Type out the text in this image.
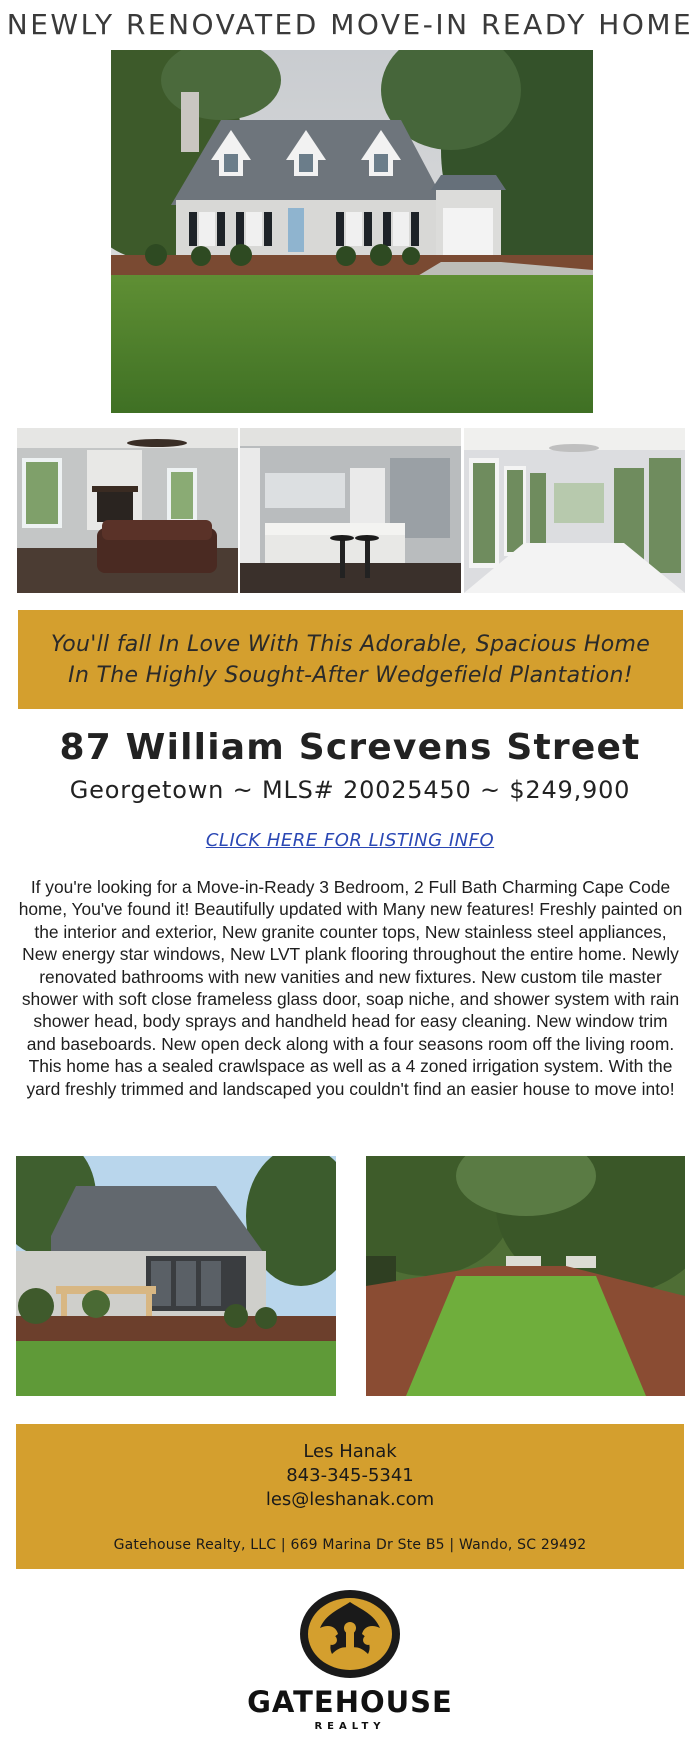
NEWLY RENOVATED MOVE-IN READY HOME
You'll fall In Love With This Adorable, Spacious Home
In The Highly Sought-After Wedgefield Plantation!
87 William Screvens Street
Georgetown ~ MLS# 20025450 ~ $249,900
CLICK HERE FOR LISTING INFO
If you're looking for a Move-in-Ready 3 Bedroom, 2 Full Bath Charming Cape Code home, You've found it! Beautifully updated with Many new features! Freshly painted on the interior and exterior, New granite counter tops, New stainless steel appliances, New energy star windows, New LVT plank flooring throughout the entire home. Newly renovated bathrooms with new vanities and new fixtures. New custom tile master shower with soft close frameless glass door, soap niche, and shower system with rain shower head, body sprays and handheld head for easy cleaning. New window trim and baseboards. New open deck along with a four seasons room off the living room. This home has a sealed crawlspace as well as a 4 zoned irrigation system. With the yard freshly trimmed and landscaped you couldn't find an easier house to move into!
Les Hanak
843-345-5341
les@leshanak.com
Gatehouse Realty, LLC | 669 Marina Dr Ste B5 | Wando, SC 29492
GATEHOUSE
REALTY
